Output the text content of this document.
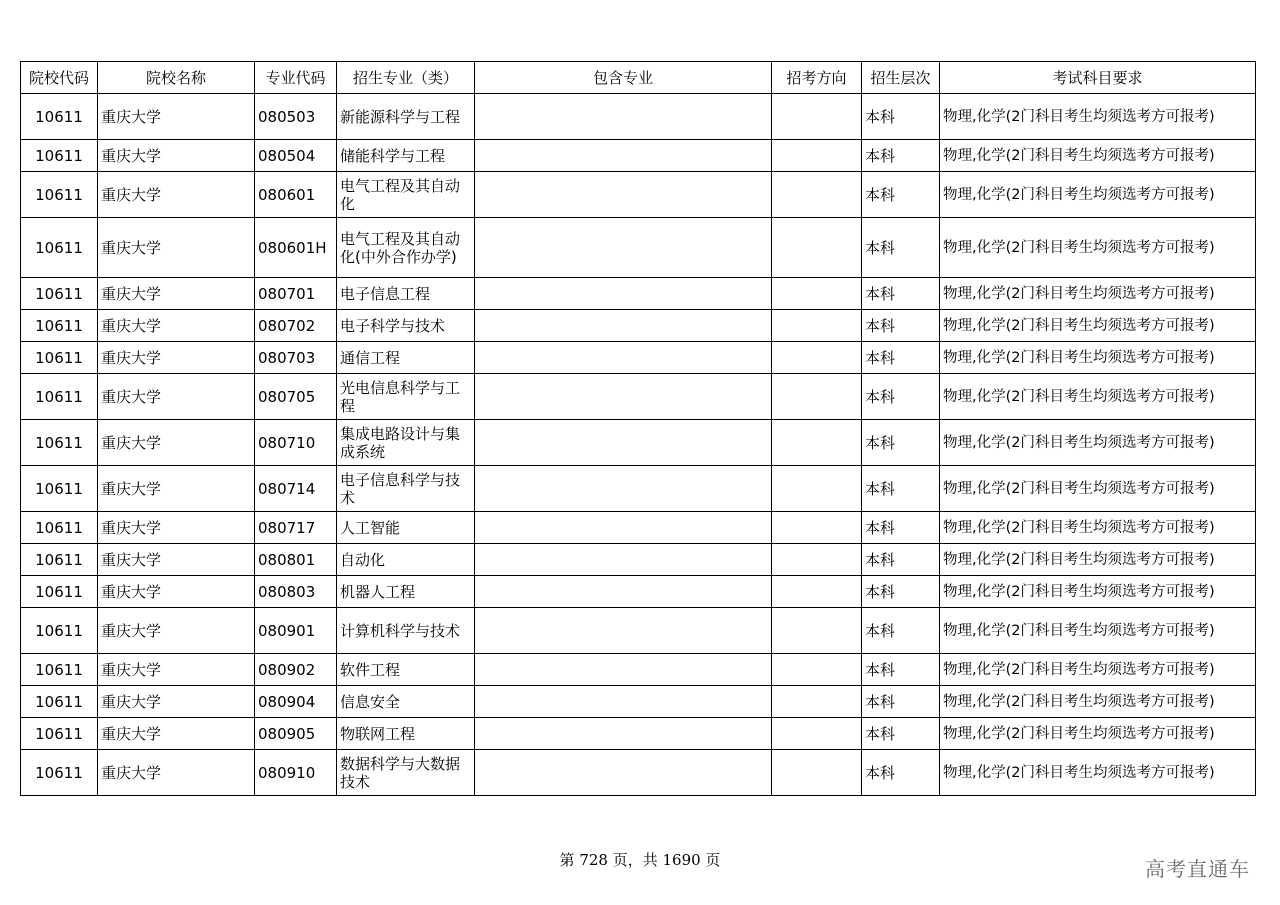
院校代码	院校名称	专业代码	招生专业（类）	包含专业	招考方向	招生层次	考试科目要求
10611	重庆大学	080503	新能源科学与工程			本科	物理,化学(2门科目考生均须选考方可报考)
10611	重庆大学	080504	储能科学与工程			本科	物理,化学(2门科目考生均须选考方可报考)
10611	重庆大学	080601	电气工程及其自动化			本科	物理,化学(2门科目考生均须选考方可报考)
10611	重庆大学	080601H	电气工程及其自动化(中外合作办学)			本科	物理,化学(2门科目考生均须选考方可报考)
10611	重庆大学	080701	电子信息工程			本科	物理,化学(2门科目考生均须选考方可报考)
10611	重庆大学	080702	电子科学与技术			本科	物理,化学(2门科目考生均须选考方可报考)
10611	重庆大学	080703	通信工程			本科	物理,化学(2门科目考生均须选考方可报考)
10611	重庆大学	080705	光电信息科学与工程			本科	物理,化学(2门科目考生均须选考方可报考)
10611	重庆大学	080710	集成电路设计与集成系统			本科	物理,化学(2门科目考生均须选考方可报考)
10611	重庆大学	080714	电子信息科学与技术			本科	物理,化学(2门科目考生均须选考方可报考)
10611	重庆大学	080717	人工智能			本科	物理,化学(2门科目考生均须选考方可报考)
10611	重庆大学	080801	自动化			本科	物理,化学(2门科目考生均须选考方可报考)
10611	重庆大学	080803	机器人工程			本科	物理,化学(2门科目考生均须选考方可报考)
10611	重庆大学	080901	计算机科学与技术			本科	物理,化学(2门科目考生均须选考方可报考)
10611	重庆大学	080902	软件工程			本科	物理,化学(2门科目考生均须选考方可报考)
10611	重庆大学	080904	信息安全			本科	物理,化学(2门科目考生均须选考方可报考)
10611	重庆大学	080905	物联网工程			本科	物理,化学(2门科目考生均须选考方可报考)
10611	重庆大学	080910	数据科学与大数据技术			本科	物理,化学(2门科目考生均须选考方可报考)
第 728 页，共 1690 页	高考直通车
